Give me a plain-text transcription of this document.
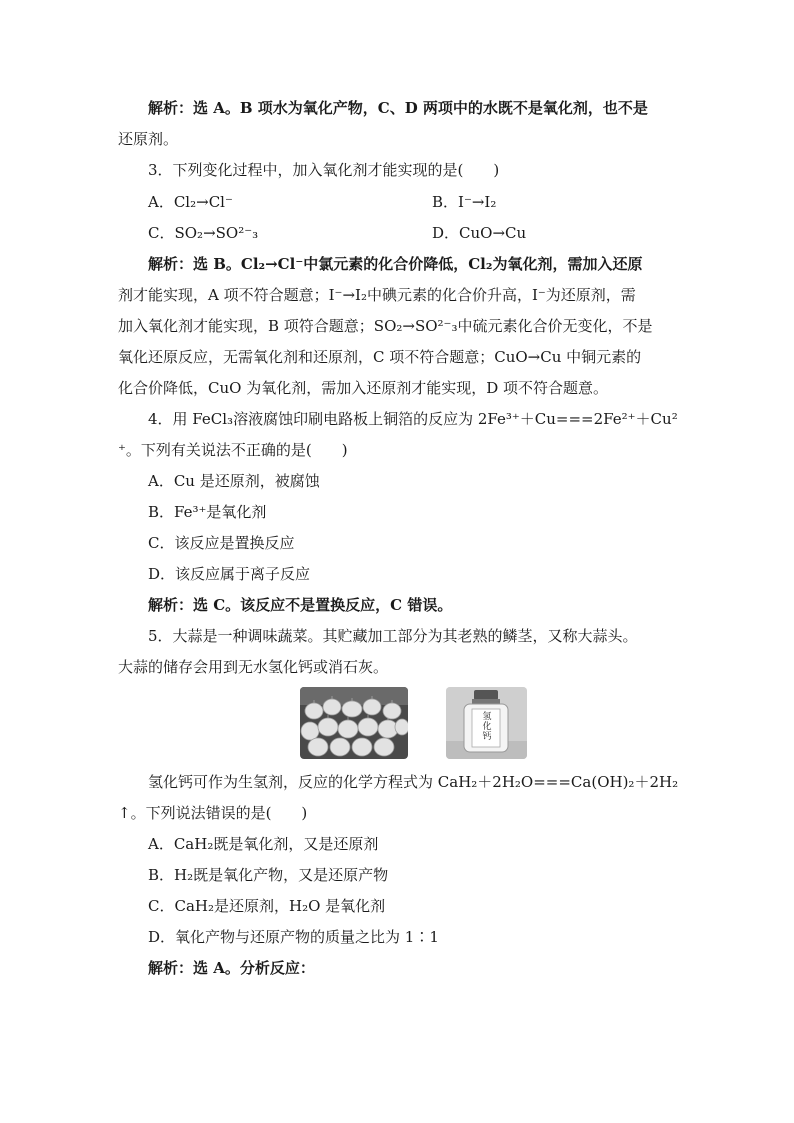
解析：选 A。B 项水为氧化产物，C、D 两项中的水既不是氧化剂，也不是
还原剂。
3．下列变化过程中，加入氧化剂才能实现的是(　　)
A．Cl₂→Cl⁻	B．I⁻→I₂
C．SO₂→SO²⁻₃	D．CuO→Cu
解析：选 B。Cl₂→Cl⁻中氯元素的化合价降低，Cl₂为氧化剂，需加入还原
剂才能实现，A 项不符合题意；I⁻→I₂中碘元素的化合价升高，I⁻为还原剂，需
加入氧化剂才能实现，B 项符合题意；SO₂→SO²⁻₃中硫元素化合价无变化，不是
氧化还原反应，无需氧化剂和还原剂，C 项不符合题意；CuO→Cu 中铜元素的
化合价降低，CuO 为氧化剂，需加入还原剂才能实现，D 项不符合题意。
4．用 FeCl₃溶液腐蚀印刷电路板上铜箔的反应为 2Fe³⁺＋Cu===2Fe²⁺＋Cu²
⁺。下列有关说法不正确的是(　　)
A．Cu 是还原剂，被腐蚀
B．Fe³⁺是氧化剂
C．该反应是置换反应
D．该反应属于离子反应
解析：选 C。该反应不是置换反应，C 错误。
5．大蒜是一种调味蔬菜。其贮藏加工部分为其老熟的鳞茎，又称大蒜头。
大蒜的储存会用到无水氢化钙或消石灰。
氢化钙
氢化钙可作为生氢剂，反应的化学方程式为 CaH₂＋2H₂O===Ca(OH)₂＋2H₂
↑。下列说法错误的是(　　)
A．CaH₂既是氧化剂，又是还原剂
B．H₂既是氧化产物，又是还原产物
C．CaH₂是还原剂，H₂O 是氧化剂
D．氧化产物与还原产物的质量之比为 1∶1
解析：选 A。分析反应：
